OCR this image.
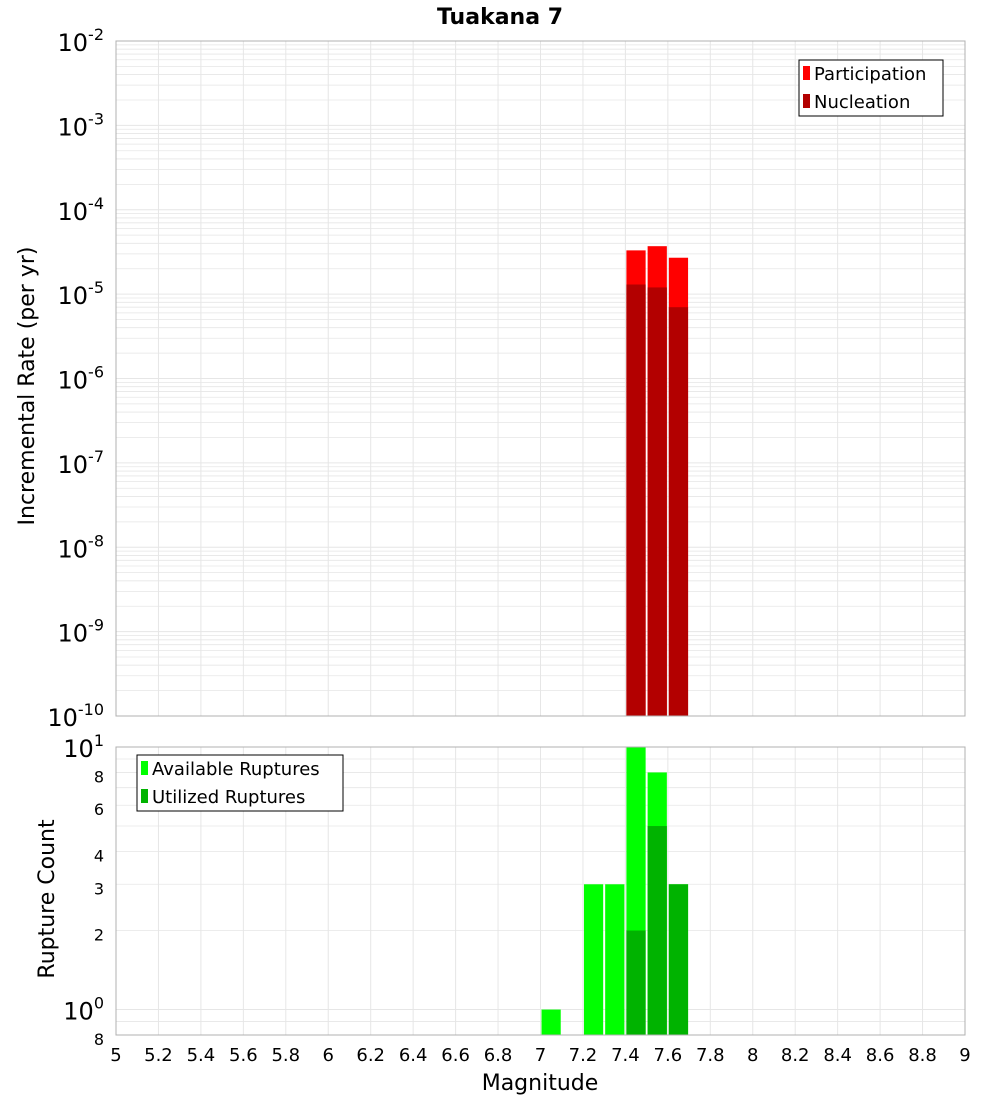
Tuakana 7
$10^{-2}$
$10^{-3}$
$10^{-4}$
$10^{-5}$
$10^{-6}$
$10^{-7}$
$10^{-8}$
$10^{-9}$
$10^{-10}$
Incremental Rate (per yr)
Participation
Nucleation
$10^1$
8
6
4
3
2
$10^0$
8
Rupture Count
Available Ruptures
Utilized Ruptures
5 5.2 5.4 5.6 5.8 6 6.2 6.4 6.6 6.8 7 7.2 7.4 7.6 7.8 8 8.2 8.4 8.6 8.8 9
Magnitude
